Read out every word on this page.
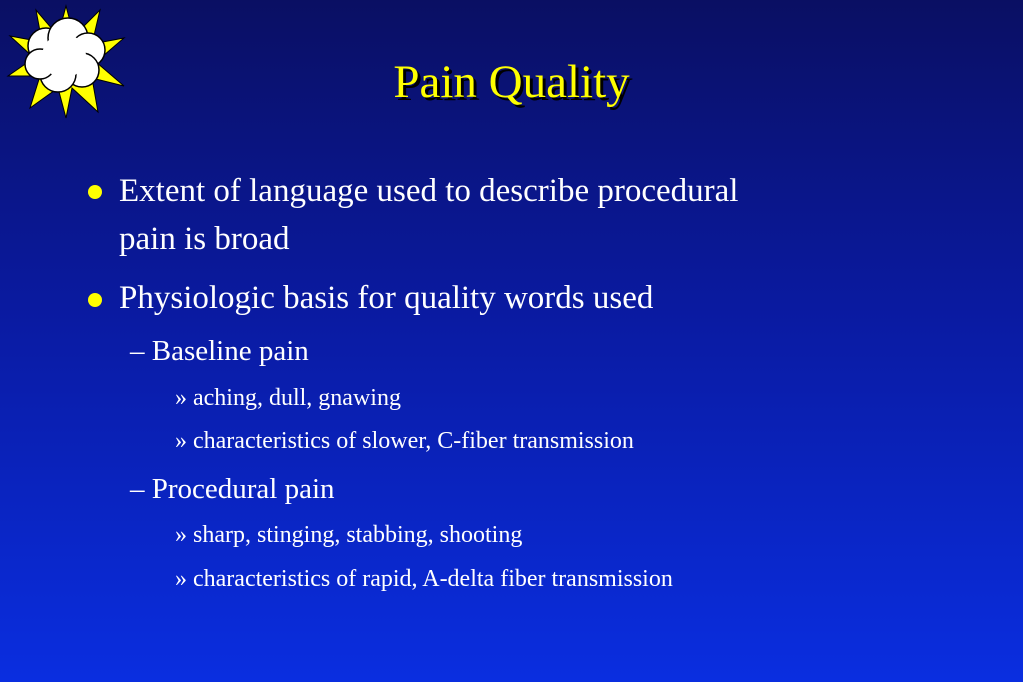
Pain Quality
Extent of language used to describe procedural
pain is broad
Physiologic basis for quality words used
– Baseline pain
» aching, dull, gnawing
» characteristics of slower, C-fiber transmission
– Procedural pain
» sharp, stinging, stabbing, shooting
» characteristics of rapid, A-delta fiber transmission
